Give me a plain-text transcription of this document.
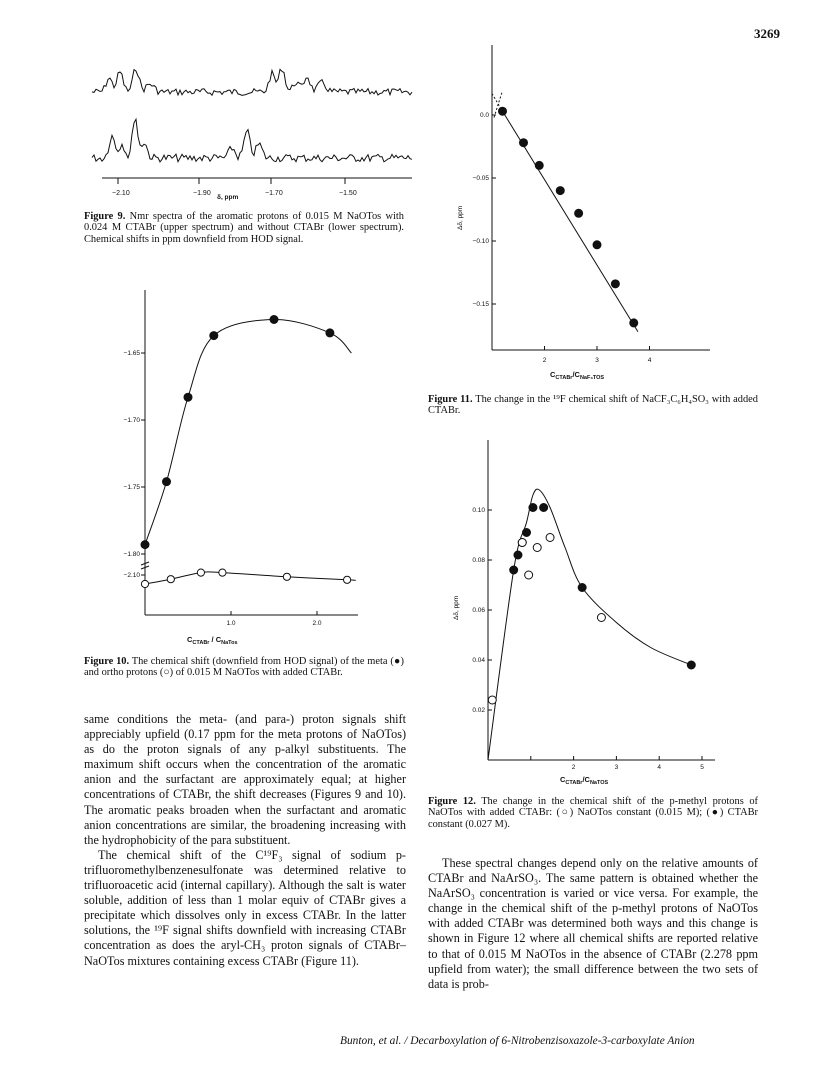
3269
−2.10	−1.90	−1.70	−1.50
δ, ppm
Figure 9. Nmr spectra of the aromatic protons of 0.015 M NaOTos with 0.024 M CTABr (upper spectrum) and without CTABr (lower spectrum). Chemical shifts in ppm downfield from HOD signal.
−1.65
−1.70
−1.75
−1.80
−2.10
1.0	2.0
$C_{CTABr} / C_{NaTos}$
Figure 10. The chemical shift (downfield from HOD signal) of the meta (●) and ortho protons (○) of 0.015 M NaOTos with added CTABr.
0.0
−0.05
−0.10
−0.15
2	3	4
Δδ, ppm
$C_{CTABr}/C_{NaF_3TOS}$
Figure 11. The change in the ¹⁹F chemical shift of NaCF₃C₆H₄SO₃ with added CTABr.
0.02
0.04
0.06
0.08
0.10
2	3	4	5
Δδ, ppm
$C_{CTABr}/C_{NaTOS}$
Figure 12. The change in the chemical shift of the p-methyl protons of NaOTos with added CTABr: (○) NaOTos constant (0.015 M); (●) CTABr constant (0.027 M).

same conditions the meta- (and para-) proton signals shift appreciably upfield (0.17 ppm for the meta protons of NaOTos) as do the proton signals of any p-alkyl substituents. The maximum shift occurs when the concentration of the aromatic anion and the surfactant are approximately equal; at higher concentrations of CTABr, the shift decreases (Figures 9 and 10). The aromatic peaks broaden when the surfactant and aromatic anion concentrations are similar, the broadening increasing with the hydrophobicity of the para substituent.

The chemical shift of the C¹⁹F₃ signal of sodium p-trifluoromethylbenzenesulfonate was determined relative to trifluoroacetic acid (internal capillary). Although the salt is water soluble, addition of less than 1 molar equiv of CTABr gives a precipitate which dissolves only in excess CTABr. In the latter solutions, the ¹⁹F signal shifts downfield with increasing CTABr concentration as does the aryl-CH₃ proton signals of CTABr–NaOTos mixtures containing excess CTABr (Figure 11).

These spectral changes depend only on the relative amounts of CTABr and NaArSO₃. The same pattern is obtained whether the NaArSO₃ concentration is varied or vice versa. For example, the change in the chemical shift of the p-methyl protons of NaOTos with added CTABr was determined both ways and this change is shown in Figure 12 where all chemical shifts are reported relative to that of 0.015 M NaOTos in the absence of CTABr (2.278 ppm upfield from water); the small difference between the two sets of data is prob-

Bunton, et al. / Decarboxylation of 6-Nitrobenzisoxazole-3-carboxylate Anion
